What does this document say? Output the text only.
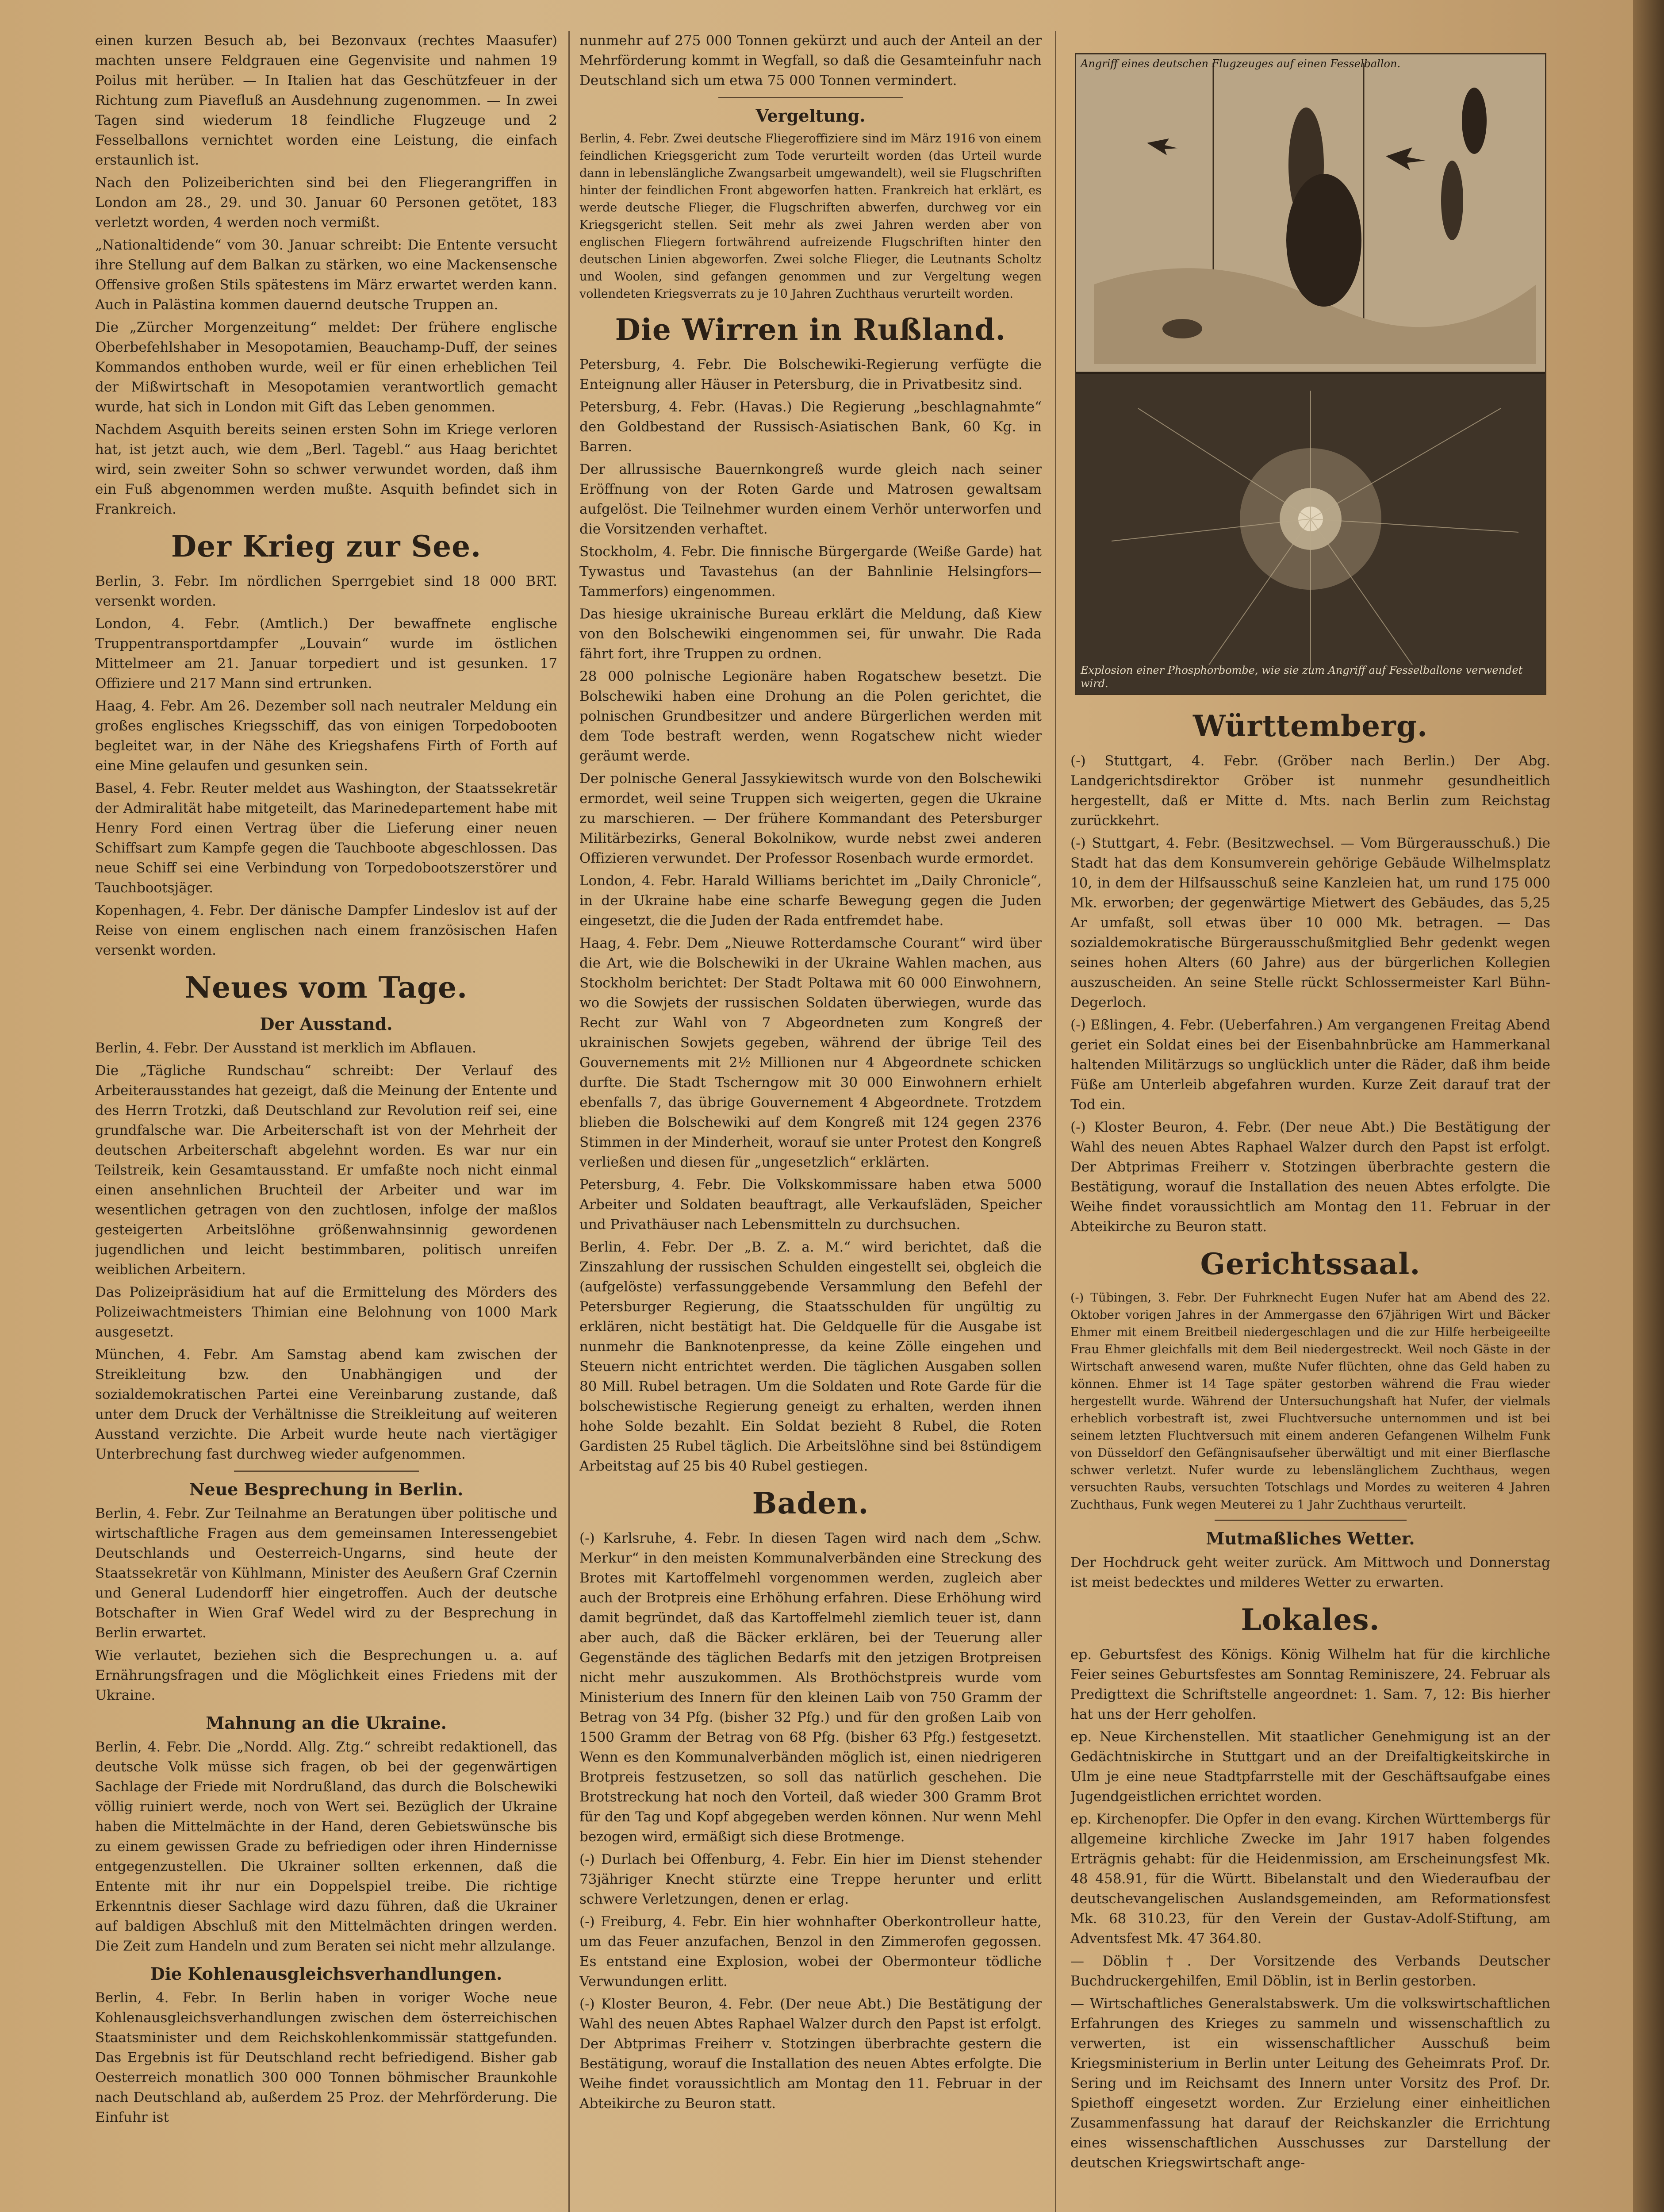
einen kurzen Besuch ab, bei Bezonvaux (rechtes Maasufer) machten unsere Feldgrauen eine Gegenvisite und nahmen 19 Poilus mit herüber. — In Italien hat das Geschützfeuer in der Richtung zum Piavefluß an Ausdehnung zugenommen. — In zwei Tagen sind wiederum 18 feindliche Flugzeuge und 2 Fesselballons vernichtet worden eine Leistung, die einfach erstaunlich ist.

Nach den Polizeiberichten sind bei den Fliegerangriffen in London am 28., 29. und 30. Januar 60 Personen getötet, 183 verletzt worden, 4 werden noch vermißt.

„Nationaltidende“ vom 30. Januar schreibt: Die Entente versucht ihre Stellung auf dem Balkan zu stärken, wo eine Mackensensche Offensive großen Stils spätestens im März erwartet werden kann. Auch in Palästina kommen dauernd deutsche Truppen an.

Die „Zürcher Morgenzeitung“ meldet: Der frühere englische Oberbefehlshaber in Mesopotamien, Beauchamp-Duff, der seines Kommandos enthoben wurde, weil er für einen erheblichen Teil der Mißwirtschaft in Mesopotamien verantwortlich gemacht wurde, hat sich in London mit Gift das Leben genommen.

Nachdem Asquith bereits seinen ersten Sohn im Kriege verloren hat, ist jetzt auch, wie dem „Berl. Tagebl.“ aus Haag berichtet wird, sein zweiter Sohn so schwer verwundet worden, daß ihm ein Fuß abgenommen werden mußte. Asquith befindet sich in Frankreich.

Der Krieg zur See.

Berlin, 3. Febr. Im nördlichen Sperrgebiet sind 18 000 BRT. versenkt worden.

London, 4. Febr. (Amtlich.) Der bewaffnete englische Truppentransportdampfer „Louvain“ wurde im östlichen Mittelmeer am 21. Januar torpediert und ist gesunken. 17 Offiziere und 217 Mann sind ertrunken.

Haag, 4. Febr. Am 26. Dezember soll nach neutraler Meldung ein großes englisches Kriegsschiff, das von einigen Torpedobooten begleitet war, in der Nähe des Kriegshafens Firth of Forth auf eine Mine gelaufen und gesunken sein.

Basel, 4. Febr. Reuter meldet aus Washington, der Staatssekretär der Admiralität habe mitgeteilt, das Marinedepartement habe mit Henry Ford einen Vertrag über die Lieferung einer neuen Schiffsart zum Kampfe gegen die Tauchboote abgeschlossen. Das neue Schiff sei eine Verbindung von Torpedobootszerstörer und Tauchbootsjäger.

Kopenhagen, 4. Febr. Der dänische Dampfer Lindeslov ist auf der Reise von einem englischen nach einem französischen Hafen versenkt worden.

Neues vom Tage.
Der Ausstand.

Berlin, 4. Febr. Der Ausstand ist merklich im Abflauen.

Die „Tägliche Rundschau“ schreibt: Der Verlauf des Arbeiterausstandes hat gezeigt, daß die Meinung der Entente und des Herrn Trotzki, daß Deutschland zur Revolution reif sei, eine grundfalsche war. Die Arbeiterschaft ist von der Mehrheit der deutschen Arbeiterschaft abgelehnt worden. Es war nur ein Teilstreik, kein Gesamtausstand. Er umfaßte noch nicht einmal einen ansehnlichen Bruchteil der Arbeiter und war im wesentlichen getragen von den zuchtlosen, infolge der maßlos gesteigerten Arbeitslöhne größenwahnsinnig gewordenen jugendlichen und leicht bestimmbaren, politisch unreifen weiblichen Arbeitern.

Das Polizeipräsidium hat auf die Ermittelung des Mörders des Polizeiwachtmeisters Thimian eine Belohnung von 1000 Mark ausgesetzt.

München, 4. Febr. Am Samstag abend kam zwischen der Streikleitung bzw. den Unabhängigen und der sozialdemokratischen Partei eine Vereinbarung zustande, daß unter dem Druck der Verhältnisse die Streikleitung auf weiteren Ausstand verzichte. Die Arbeit wurde heute nach viertägiger Unterbrechung fast durchweg wieder aufgenommen.

Neue Besprechung in Berlin.

Berlin, 4. Febr. Zur Teilnahme an Beratungen über politische und wirtschaftliche Fragen aus dem gemeinsamen Interessengebiet Deutschlands und Oesterreich-Ungarns, sind heute der Staatssekretär von Kühlmann, Minister des Aeußern Graf Czernin und General Ludendorff hier eingetroffen. Auch der deutsche Botschafter in Wien Graf Wedel wird zu der Besprechung in Berlin erwartet.

Wie verlautet, beziehen sich die Besprechungen u. a. auf Ernährungsfragen und die Möglichkeit eines Friedens mit der Ukraine.

Mahnung an die Ukraine.

Berlin, 4. Febr. Die „Nordd. Allg. Ztg.“ schreibt redaktionell, das deutsche Volk müsse sich fragen, ob bei der gegenwärtigen Sachlage der Friede mit Nordrußland, das durch die Bolschewiki völlig ruiniert werde, noch von Wert sei. Bezüglich der Ukraine haben die Mittelmächte in der Hand, deren Gebietswünsche bis zu einem gewissen Grade zu befriedigen oder ihren Hindernisse entgegenzustellen. Die Ukrainer sollten erkennen, daß die Entente mit ihr nur ein Doppelspiel treibe. Die richtige Erkenntnis dieser Sachlage wird dazu führen, daß die Ukrainer auf baldigen Abschluß mit den Mittelmächten dringen werden. Die Zeit zum Handeln und zum Beraten sei nicht mehr allzulange.

Die Kohlenausgleichsverhandlungen.

Berlin, 4. Febr. In Berlin haben in voriger Woche neue Kohlenausgleichsverhandlungen zwischen dem österreichischen Staatsminister und dem Reichskohlenkommissär stattgefunden. Das Ergebnis ist für Deutschland recht befriedigend. Bisher gab Oesterreich monatlich 300 000 Tonnen böhmischer Braunkohle nach Deutschland ab, außerdem 25 Proz. der Mehrförderung. Die Einfuhr ist

nunmehr auf 275 000 Tonnen gekürzt und auch der Anteil an der Mehrförderung kommt in Wegfall, so daß die Gesamteinfuhr nach Deutschland sich um etwa 75 000 Tonnen vermindert.

Vergeltung.

Berlin, 4. Febr. Zwei deutsche Fliegeroffiziere sind im März 1916 von einem feindlichen Kriegsgericht zum Tode verurteilt worden (das Urteil wurde dann in lebenslängliche Zwangsarbeit umgewandelt), weil sie Flugschriften hinter der feindlichen Front abgeworfen hatten. Frankreich hat erklärt, es werde deutsche Flieger, die Flugschriften abwerfen, durchweg vor ein Kriegsgericht stellen. Seit mehr als zwei Jahren werden aber von englischen Fliegern fortwährend aufreizende Flugschriften hinter den deutschen Linien abgeworfen. Zwei solche Flieger, die Leutnants Scholtz und Woolen, sind gefangen genommen und zur Vergeltung wegen vollendeten Kriegsverrats zu je 10 Jahren Zuchthaus verurteilt worden.

Die Wirren in Rußland.

Petersburg, 4. Febr. Die Bolschewiki-Regierung verfügte die Enteignung aller Häuser in Petersburg, die in Privatbesitz sind.

Petersburg, 4. Febr. (Havas.) Die Regierung „beschlagnahmte“ den Goldbestand der Russisch-Asiatischen Bank, 60 Kg. in Barren.

Der allrussische Bauernkongreß wurde gleich nach seiner Eröffnung von der Roten Garde und Matrosen gewaltsam aufgelöst. Die Teilnehmer wurden einem Verhör unterworfen und die Vorsitzenden verhaftet.

Stockholm, 4. Febr. Die finnische Bürgergarde (Weiße Garde) hat Tywastus und Tavastehus (an der Bahnlinie Helsingfors—Tammerfors) eingenommen.

Das hiesige ukrainische Bureau erklärt die Meldung, daß Kiew von den Bolschewiki eingenommen sei, für unwahr. Die Rada fährt fort, ihre Truppen zu ordnen.

28 000 polnische Legionäre haben Rogatschew besetzt. Die Bolschewiki haben eine Drohung an die Polen gerichtet, die polnischen Grundbesitzer und andere Bürgerlichen werden mit dem Tode bestraft werden, wenn Rogatschew nicht wieder geräumt werde.

Der polnische General Jassykiewitsch wurde von den Bolschewiki ermordet, weil seine Truppen sich weigerten, gegen die Ukraine zu marschieren. — Der frühere Kommandant des Petersburger Militärbezirks, General Bokolnikow, wurde nebst zwei anderen Offizieren verwundet. Der Professor Rosenbach wurde ermordet.

London, 4. Febr. Harald Williams berichtet im „Daily Chronicle“, in der Ukraine habe eine scharfe Bewegung gegen die Juden eingesetzt, die die Juden der Rada entfremdet habe.

Haag, 4. Febr. Dem „Nieuwe Rotterdamsche Courant“ wird über die Art, wie die Bolschewiki in der Ukraine Wahlen machen, aus Stockholm berichtet: Der Stadt Poltawa mit 60 000 Einwohnern, wo die Sowjets der russischen Soldaten überwiegen, wurde das Recht zur Wahl von 7 Abgeordneten zum Kongreß der ukrainischen Sowjets gegeben, während der übrige Teil des Gouvernements mit 2½ Millionen nur 4 Abgeordnete schicken durfte. Die Stadt Tscherngow mit 30 000 Einwohnern erhielt ebenfalls 7, das übrige Gouvernement 4 Abgeordnete. Trotzdem blieben die Bolschewiki auf dem Kongreß mit 124 gegen 2376 Stimmen in der Minderheit, worauf sie unter Protest den Kongreß verließen und diesen für „ungesetzlich“ erklärten.

Petersburg, 4. Febr. Die Volkskommissare haben etwa 5000 Arbeiter und Soldaten beauftragt, alle Verkaufsläden, Speicher und Privathäuser nach Lebensmitteln zu durchsuchen.

Berlin, 4. Febr. Der „B. Z. a. M.“ wird berichtet, daß die Zinszahlung der russischen Schulden eingestellt sei, obgleich die (aufgelöste) verfassunggebende Versammlung den Befehl der Petersburger Regierung, die Staatsschulden für ungültig zu erklären, nicht bestätigt hat. Die Geldquelle für die Ausgabe ist nunmehr die Banknotenpresse, da keine Zölle eingehen und Steuern nicht entrichtet werden. Die täglichen Ausgaben sollen 80 Mill. Rubel betragen. Um die Soldaten und Rote Garde für die bolschewistische Regierung geneigt zu erhalten, werden ihnen hohe Solde bezahlt. Ein Soldat bezieht 8 Rubel, die Roten Gardisten 25 Rubel täglich. Die Arbeitslöhne sind bei 8stündigem Arbeitstag auf 25 bis 40 Rubel gestiegen.

Baden.

(-) Karlsruhe, 4. Febr. In diesen Tagen wird nach dem „Schw. Merkur“ in den meisten Kommunalverbänden eine Streckung des Brotes mit Kartoffelmehl vorgenommen werden, zugleich aber auch der Brotpreis eine Erhöhung erfahren. Diese Erhöhung wird damit begründet, daß das Kartoffelmehl ziemlich teuer ist, dann aber auch, daß die Bäcker erklären, bei der Teuerung aller Gegenstände des täglichen Bedarfs mit den jetzigen Brotpreisen nicht mehr auszukommen. Als Brothöchstpreis wurde vom Ministerium des Innern für den kleinen Laib von 750 Gramm der Betrag von 34 Pfg. (bisher 32 Pfg.) und für den großen Laib von 1500 Gramm der Betrag von 68 Pfg. (bisher 63 Pfg.) festgesetzt. Wenn es den Kommunalverbänden möglich ist, einen niedrigeren Brotpreis festzusetzen, so soll das natürlich geschehen. Die Brotstreckung hat noch den Vorteil, daß wieder 300 Gramm Brot für den Tag und Kopf abgegeben werden können. Nur wenn Mehl bezogen wird, ermäßigt sich diese Brotmenge.

(-) Durlach bei Offenburg, 4. Febr. Ein hier im Dienst stehender 73jähriger Knecht stürzte eine Treppe herunter und erlitt schwere Verletzungen, denen er erlag.

(-) Freiburg, 4. Febr. Ein hier wohnhafter Oberkontrolleur hatte, um das Feuer anzufachen, Benzol in den Zimmerofen gegossen. Es entstand eine Explosion, wobei der Obermonteur tödliche Verwundungen erlitt.

(-) Kloster Beuron, 4. Febr. (Der neue Abt.) Die Bestätigung der Wahl des neuen Abtes Raphael Walzer durch den Papst ist erfolgt. Der Abtprimas Freiherr v. Stotzingen überbrachte gestern die Bestätigung, worauf die Installation des neuen Abtes erfolgte. Die Weihe findet voraussichtlich am Montag den 11. Februar in der Abteikirche zu Beuron statt.

Angriff eines deutschen Flugzeuges auf einen Fesselballon.
Explosion einer Phosphorbombe, wie sie zum Angriff auf Fesselballone verwendet wird.
Württemberg.

(-) Stuttgart, 4. Febr. (Gröber nach Berlin.) Der Abg. Landgerichtsdirektor Gröber ist nunmehr gesundheitlich hergestellt, daß er Mitte d. Mts. nach Berlin zum Reichstag zurückkehrt.

(-) Stuttgart, 4. Febr. (Besitzwechsel. — Vom Bürgerausschuß.) Die Stadt hat das dem Konsumverein gehörige Gebäude Wilhelmsplatz 10, in dem der Hilfsausschuß seine Kanzleien hat, um rund 175 000 Mk. erworben; der gegenwärtige Mietwert des Gebäudes, das 5,25 Ar umfaßt, soll etwas über 10 000 Mk. betragen. — Das sozialdemokratische Bürgerausschußmitglied Behr gedenkt wegen seines hohen Alters (60 Jahre) aus der bürgerlichen Kollegien auszuscheiden. An seine Stelle rückt Schlossermeister Karl Bühn-Degerloch.

(-) Eßlingen, 4. Febr. (Ueberfahren.) Am vergangenen Freitag Abend geriet ein Soldat eines bei der Eisenbahnbrücke am Hammerkanal haltenden Militärzugs so unglücklich unter die Räder, daß ihm beide Füße am Unterleib abgefahren wurden. Kurze Zeit darauf trat der Tod ein.

(-) Kloster Beuron, 4. Febr. (Der neue Abt.) Die Bestätigung der Wahl des neuen Abtes Raphael Walzer durch den Papst ist erfolgt. Der Abtprimas Freiherr v. Stotzingen überbrachte gestern die Bestätigung, worauf die Installation des neuen Abtes erfolgte. Die Weihe findet voraussichtlich am Montag den 11. Februar in der Abteikirche zu Beuron statt.

Gerichtssaal.

(-) Tübingen, 3. Febr. Der Fuhrknecht Eugen Nufer hat am Abend des 22. Oktober vorigen Jahres in der Ammergasse den 67jährigen Wirt und Bäcker Ehmer mit einem Breitbeil niedergeschlagen und die zur Hilfe herbeigeeilte Frau Ehmer gleichfalls mit dem Beil niedergestreckt. Weil noch Gäste in der Wirtschaft anwesend waren, mußte Nufer flüchten, ohne das Geld haben zu können. Ehmer ist 14 Tage später gestorben während die Frau wieder hergestellt wurde. Während der Untersuchungshaft hat Nufer, der vielmals erheblich vorbestraft ist, zwei Fluchtversuche unternommen und ist bei seinem letzten Fluchtversuch mit einem anderen Gefangenen Wilhelm Funk von Düsseldorf den Gefängnisaufseher überwältigt und mit einer Bierflasche schwer verletzt. Nufer wurde zu lebenslänglichem Zuchthaus, wegen versuchten Raubs, versuchten Totschlags und Mordes zu weiteren 4 Jahren Zuchthaus, Funk wegen Meuterei zu 1 Jahr Zuchthaus verurteilt.

Mutmaßliches Wetter.

Der Hochdruck geht weiter zurück. Am Mittwoch und Donnerstag ist meist bedecktes und milderes Wetter zu erwarten.

Lokales.

ep. Geburtsfest des Königs. König Wilhelm hat für die kirchliche Feier seines Geburtsfestes am Sonntag Reminiszere, 24. Februar als Predigttext die Schriftstelle angeordnet: 1. Sam. 7, 12: Bis hierher hat uns der Herr geholfen.

ep. Neue Kirchenstellen. Mit staatlicher Genehmigung ist an der Gedächtniskirche in Stuttgart und an der Dreifaltigkeitskirche in Ulm je eine neue Stadtpfarrstelle mit der Geschäftsaufgabe eines Jugendgeistlichen errichtet worden.

ep. Kirchenopfer. Die Opfer in den evang. Kirchen Württembergs für allgemeine kirchliche Zwecke im Jahr 1917 haben folgendes Erträgnis gehabt: für die Heidenmission, am Erscheinungsfest Mk. 48 458.91, für die Württ. Bibelanstalt und den Wiederaufbau der deutschevangelischen Auslandsgemeinden, am Reformationsfest Mk. 68 310.23, für den Verein der Gustav-Adolf-Stiftung, am Adventsfest Mk. 47 364.80.

— Döblin †. Der Vorsitzende des Verbands Deutscher Buchdruckergehilfen, Emil Döblin, ist in Berlin gestorben.

— Wirtschaftliches Generalstabswerk. Um die volkswirtschaftlichen Erfahrungen des Krieges zu sammeln und wissenschaftlich zu verwerten, ist ein wissenschaftlicher Ausschuß beim Kriegsministerium in Berlin unter Leitung des Geheimrats Prof. Dr. Sering und im Reichsamt des Innern unter Vorsitz des Prof. Dr. Spiethoff eingesetzt worden. Zur Erzielung einer einheitlichen Zusammenfassung hat darauf der Reichskanzler die Errichtung eines wissenschaftlichen Ausschusses zur Darstellung der deutschen Kriegswirtschaft ange-
